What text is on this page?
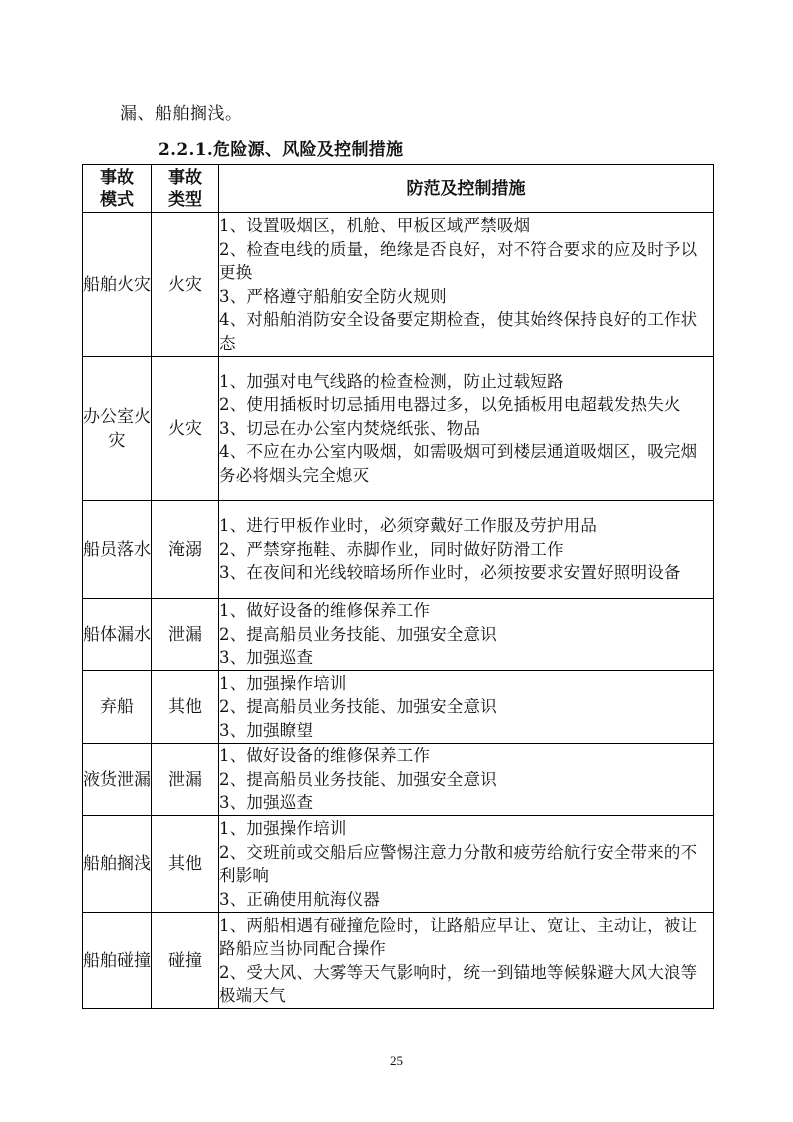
漏、船舶搁浅。
2.2.1.危险源、风险及控制措施
事故模式	事故类型	防范及控制措施
船舶火灾	火灾	1、设置吸烟区，机舱、甲板区域严禁吸烟
2、检查电线的质量，绝缘是否良好，对不符合要求的应及时予以更换
3、严格遵守船舶安全防火规则
4、对船舶消防安全设备要定期检查，使其始终保持良好的工作状态

办公室火灾	火灾	1、加强对电气线路的检查检测，防止过载短路
2、使用插板时切忌插用电器过多，以免插板用电超载发热失火
3、切忌在办公室内焚烧纸张、物品
4、不应在办公室内吸烟，如需吸烟可到楼层通道吸烟区，吸完烟务必将烟头完全熄灭

船员落水	淹溺	1、进行甲板作业时，必须穿戴好工作服及劳护用品
2、严禁穿拖鞋、赤脚作业，同时做好防滑工作
3、在夜间和光线较暗场所作业时，必须按要求安置好照明设备

船体漏水	泄漏	1、做好设备的维修保养工作
2、提高船员业务技能、加强安全意识
3、加强巡查

弃船	其他	1、加强操作培训
2、提高船员业务技能、加强安全意识
3、加强瞭望

液货泄漏	泄漏	1、做好设备的维修保养工作
2、提高船员业务技能、加强安全意识
3、加强巡查

船舶搁浅	其他	1、加强操作培训
2、交班前或交船后应警惕注意力分散和疲劳给航行安全带来的不利影响
3、正确使用航海仪器

船舶碰撞	碰撞	1、两船相遇有碰撞危险时，让路船应早让、宽让、主动让，被让路船应当协同配合操作
2、受大风、大雾等天气影响时，统一到锚地等候躲避大风大浪等极端天气
25
